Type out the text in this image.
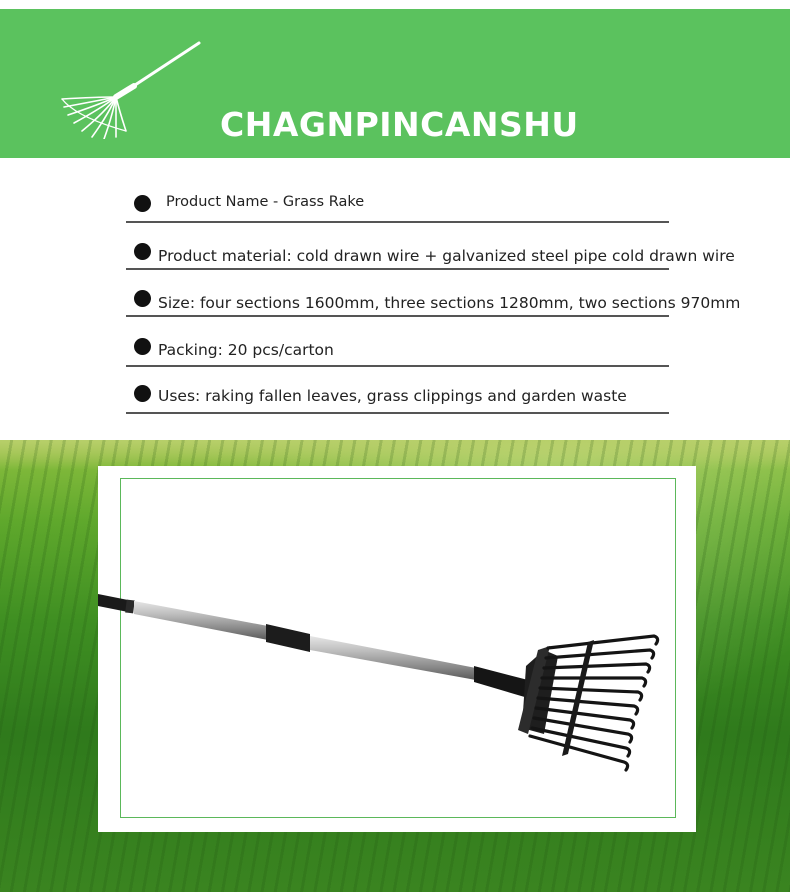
CHAGNPINCANSHU
Product Name - Grass Rake
Product material: cold drawn wire + galvanized steel pipe cold drawn wire
Size: four sections 1600mm, three sections 1280mm, two sections 970mm
Packing: 20 pcs/carton
Uses: raking fallen leaves, grass clippings and garden waste
